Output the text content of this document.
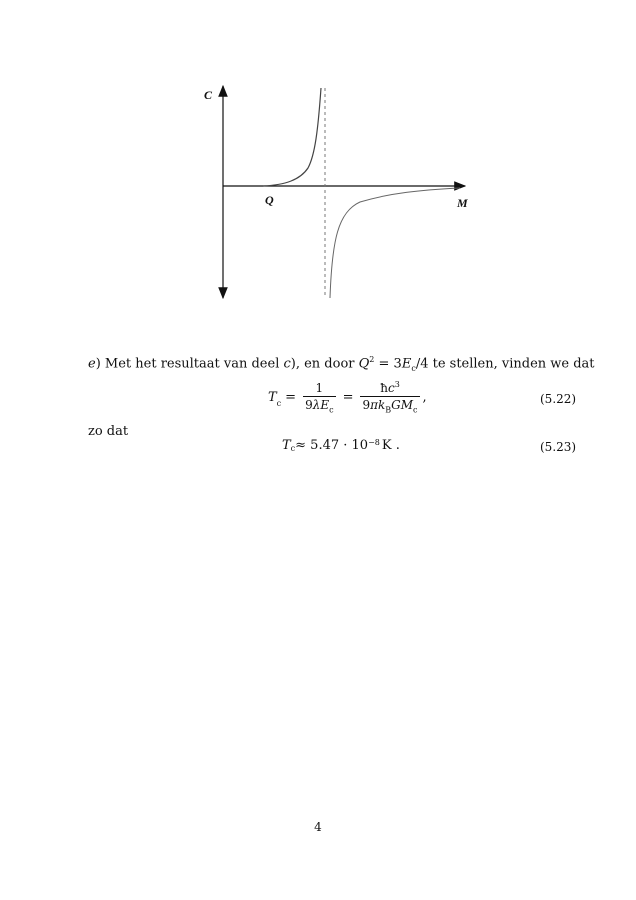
C
M
Q
e) Met het resultaat van deel c), en door $Q^2 = 3E_c/4$ te stellen, vinden we dat
$T_c = \frac{1}{9\lambda E_c} = \frac{ħc^3}{9\pi k_BGM_c}$ ,	(5.22)
zo dat
$T_c \approx 5.47 \cdot 10^{-8}$ K .	(5.23)
4
